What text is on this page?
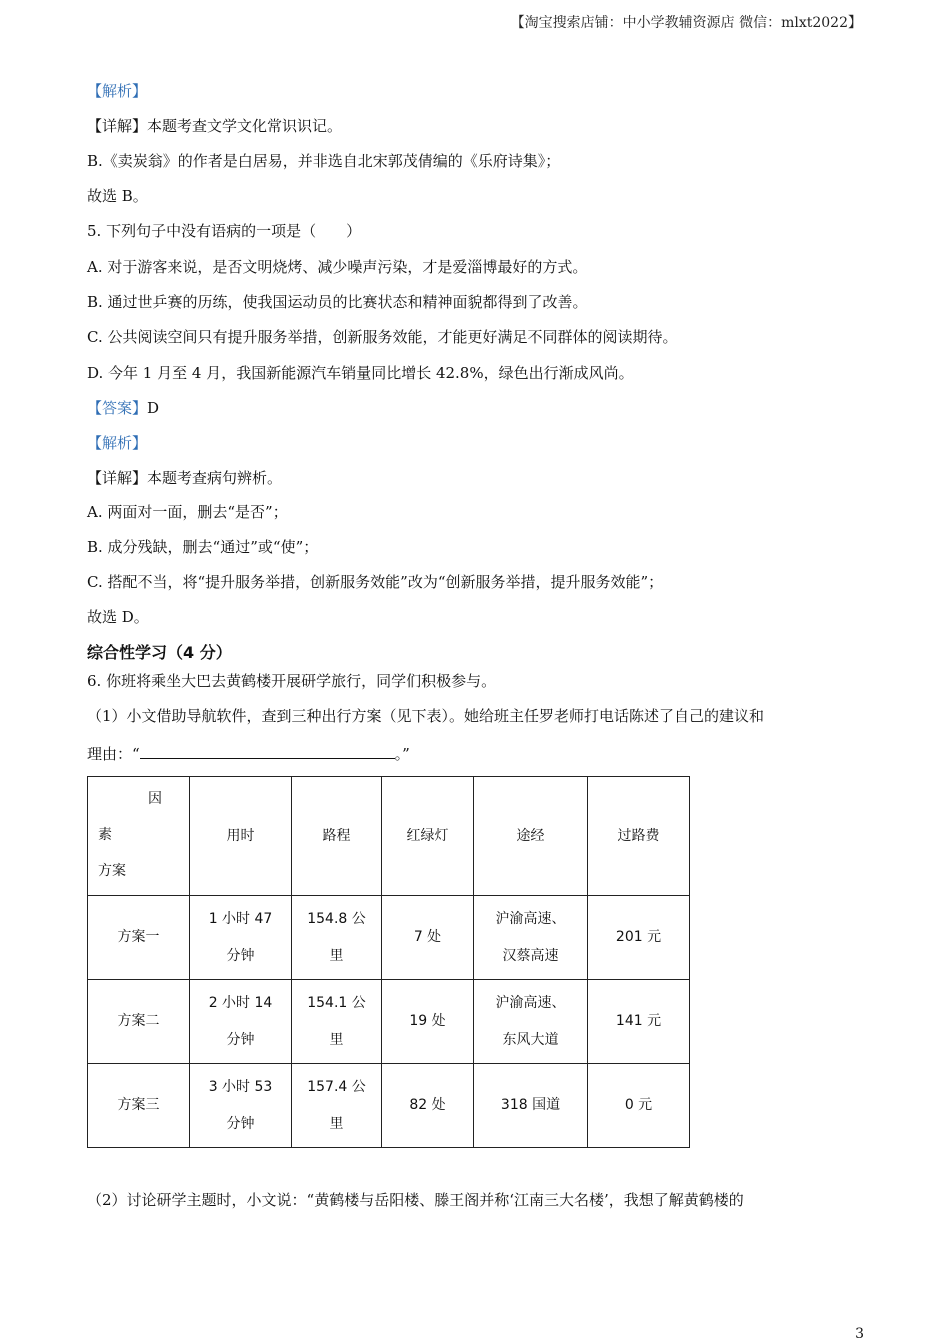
【淘宝搜索店铺：中小学教辅资源店 微信：mlxt2022】
【解析】
【详解】本题考查文学文化常识识记。
B.《卖炭翁》的作者是白居易，并非选自北宋郭茂倩编的《乐府诗集》；
故选 B。
5. 下列句子中没有语病的一项是（　　）
A. 对于游客来说，是否文明烧烤、减少噪声污染，才是爱淄博最好的方式。
B. 通过世乒赛的历练，使我国运动员的比赛状态和精神面貌都得到了改善。
C. 公共阅读空间只有提升服务举措，创新服务效能，才能更好满足不同群体的阅读期待。
D. 今年 1 月至 4 月，我国新能源汽车销量同比增长 42.8%，绿色出行渐成风尚。
【答案】D
【解析】
【详解】本题考查病句辨析。
A. 两面对一面，删去“是否”；
B. 成分残缺，删去“通过”或“使”；
C. 搭配不当，将“提升服务举措，创新服务效能”改为“创新服务举措，提升服务效能”；
故选 D。
综合性学习（4 分）
6. 你班将乘坐大巴去黄鹤楼开展研学旅行，同学们积极参与。
（1）小文借助导航软件，查到三种出行方案（见下表）。她给班主任罗老师打电话陈述了自己的建议和
理由：“	。”
因
素
方案	用时	路程	红绿灯	途经	过路费
方案一	1 小时 47
分钟	154.8 公
里	7 处	沪渝高速、
汉蔡高速	201 元
方案二	2 小时 14
分钟	154.1 公
里	19 处	沪渝高速、
东风大道	141 元
方案三	3 小时 53
分钟	157.4 公
里	82 处	318 国道	0 元
（2）讨论研学主题时，小文说：“黄鹤楼与岳阳楼、滕王阁并称‘江南三大名楼’，我想了解黄鹤楼的
3
